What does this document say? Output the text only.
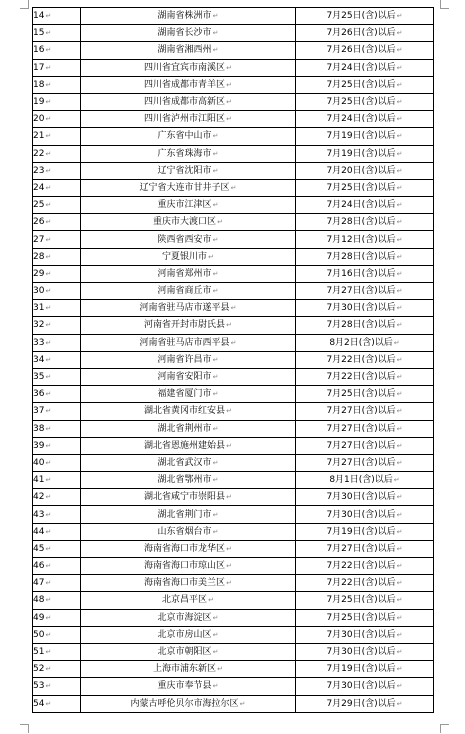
14↵	湖南省株洲市↵	7月25日(含)以后↵
15↵	湖南省长沙市↵	7月26日(含)以后↵
16↵	湖南省湘西州↵	7月26日(含)以后↵
17↵	四川省宜宾市南溪区↵	7月24日(含)以后↵
18↵	四川省成都市青羊区↵	7月25日(含)以后↵
19↵	四川省成都市高新区↵	7月25日(含)以后↵
20↵	四川省泸州市江阳区↵	7月24日(含)以后↵
21↵	广东省中山市↵	7月19日(含)以后↵
22↵	广东省珠海市↵	7月19日(含)以后↵
23↵	辽宁省沈阳市↵	7月20日(含)以后↵
24↵	辽宁省大连市甘井子区↵	7月25日(含)以后↵
25↵	重庆市江津区↵	7月24日(含)以后↵
26↵	重庆市大渡口区↵	7月28日(含)以后↵
27↵	陕西省西安市↵	7月12日(含)以后↵
28↵	宁夏银川市↵	7月28日(含)以后↵
29↵	河南省郑州市↵	7月16日(含)以后↵
30↵	河南省商丘市↵	7月27日(含)以后↵
31↵	河南省驻马店市遂平县↵	7月30日(含)以后↵
32↵	河南省开封市尉氏县↵	7月28日(含)以后↵
33↵	河南省驻马店市西平县↵	8月2日(含)以后↵
34↵	河南省许昌市↵	7月22日(含)以后↵
35↵	河南省安阳市↵	7月22日(含)以后↵
36↵	福建省厦门市↵	7月25日(含)以后↵
37↵	湖北省黄冈市红安县↵	7月27日(含)以后↵
38↵	湖北省荆州市↵	7月27日(含)以后↵
39↵	湖北省恩施州建始县↵	7月27日(含)以后↵
40↵	湖北省武汉市↵	7月27日(含)以后↵
41↵	湖北省鄂州市↵	8月1日(含)以后↵
42↵	湖北省咸宁市崇阳县↵	7月30日(含)以后↵
43↵	湖北省荆门市↵	7月30日(含)以后↵
44↵	山东省烟台市↵	7月19日(含)以后↵
45↵	海南省海口市龙华区↵	7月27日(含)以后↵
46↵	海南省海口市琼山区↵	7月22日(含)以后↵
47↵	海南省海口市美兰区↵	7月22日(含)以后↵
48↵	北京昌平区↵	7月25日(含)以后↵
49↵	北京市海淀区↵	7月25日(含)以后↵
50↵	北京市房山区↵	7月30日(含)以后↵
51↵	北京市朝阳区↵	7月30日(含)以后↵
52↵	上海市浦东新区↵	7月19日(含)以后↵
53↵	重庆市奉节县↵	7月30日(含)以后↵
54↵	内蒙古呼伦贝尔市海拉尔区↵	7月29日(含)以后↵
